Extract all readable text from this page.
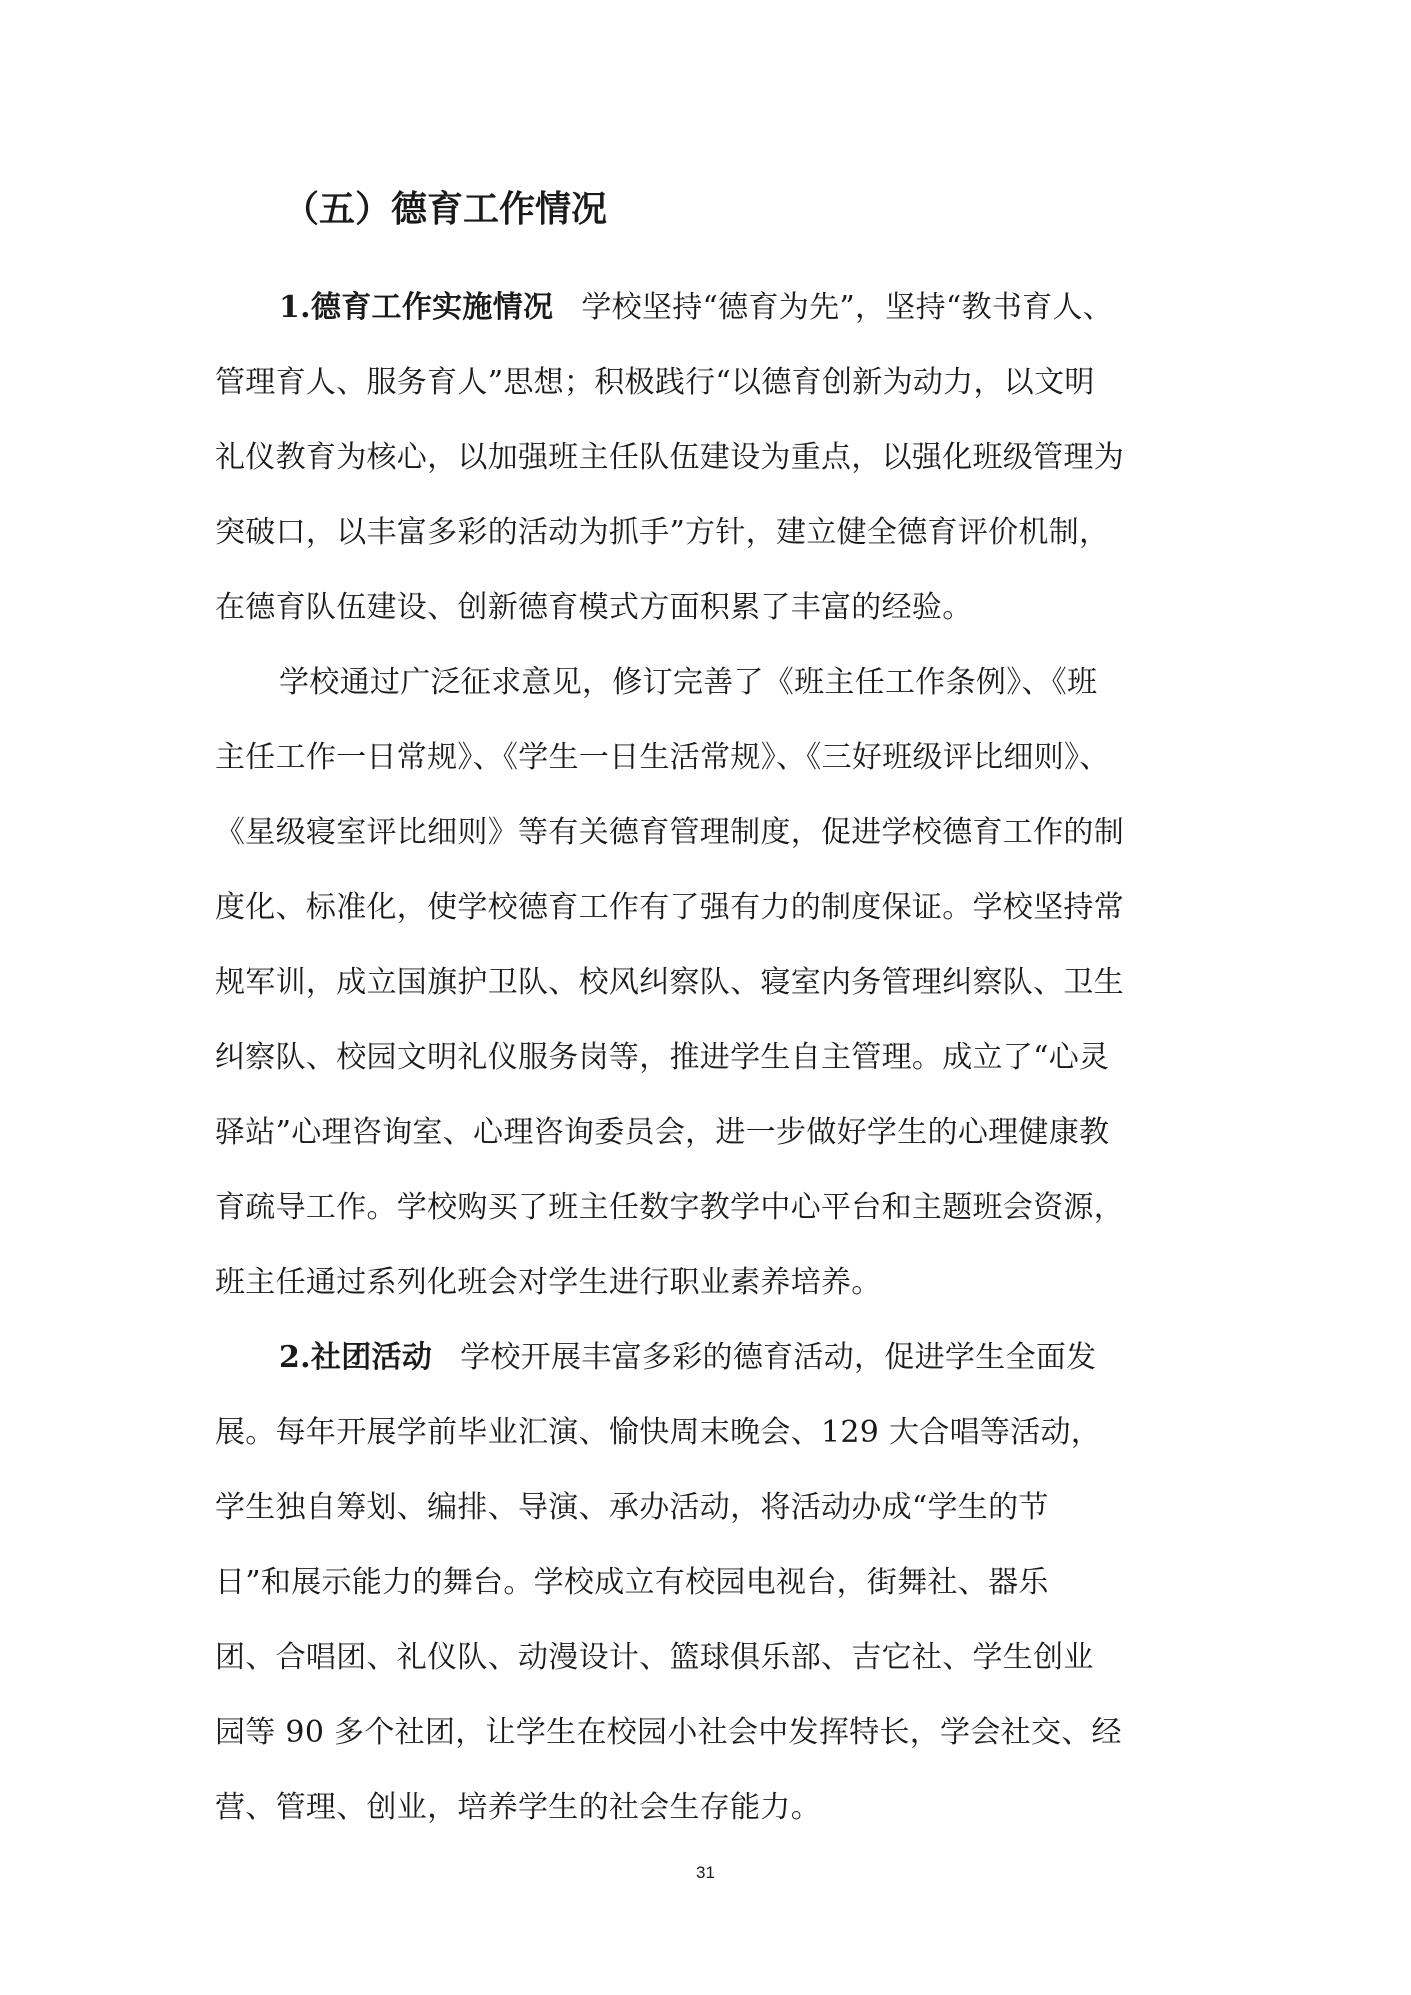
（五）德育工作情况
1.德育工作实施情况 学校坚持“德育为先”，坚持“教书育人、
管理育人、服务育人”思想；积极践行“以德育创新为动力，以文明
礼仪教育为核心，以加强班主任队伍建设为重点，以强化班级管理为
突破口，以丰富多彩的活动为抓手”方针，建立健全德育评价机制，
在德育队伍建设、创新德育模式方面积累了丰富的经验。
学校通过广泛征求意见，修订完善了《班主任工作条例》、《班
主任工作一日常规》、《学生一日生活常规》、《三好班级评比细则》、
《星级寝室评比细则》等有关德育管理制度，促进学校德育工作的制
度化、标准化，使学校德育工作有了强有力的制度保证。学校坚持常
规军训，成立国旗护卫队、校风纠察队、寝室内务管理纠察队、卫生
纠察队、校园文明礼仪服务岗等，推进学生自主管理。成立了“心灵
驿站”心理咨询室、心理咨询委员会，进一步做好学生的心理健康教
育疏导工作。学校购买了班主任数字教学中心平台和主题班会资源，
班主任通过系列化班会对学生进行职业素养培养。
2.社团活动 学校开展丰富多彩的德育活动，促进学生全面发
展。每年开展学前毕业汇演、愉快周末晚会、129 大合唱等活动，
学生独自筹划、编排、导演、承办活动，将活动办成“学生的节
日”和展示能力的舞台。学校成立有校园电视台，街舞社、器乐
团、合唱团、礼仪队、动漫设计、篮球俱乐部、吉它社、学生创业
园等 90 多个社团，让学生在校园小社会中发挥特长，学会社交、经
营、管理、创业，培养学生的社会生存能力。
31
